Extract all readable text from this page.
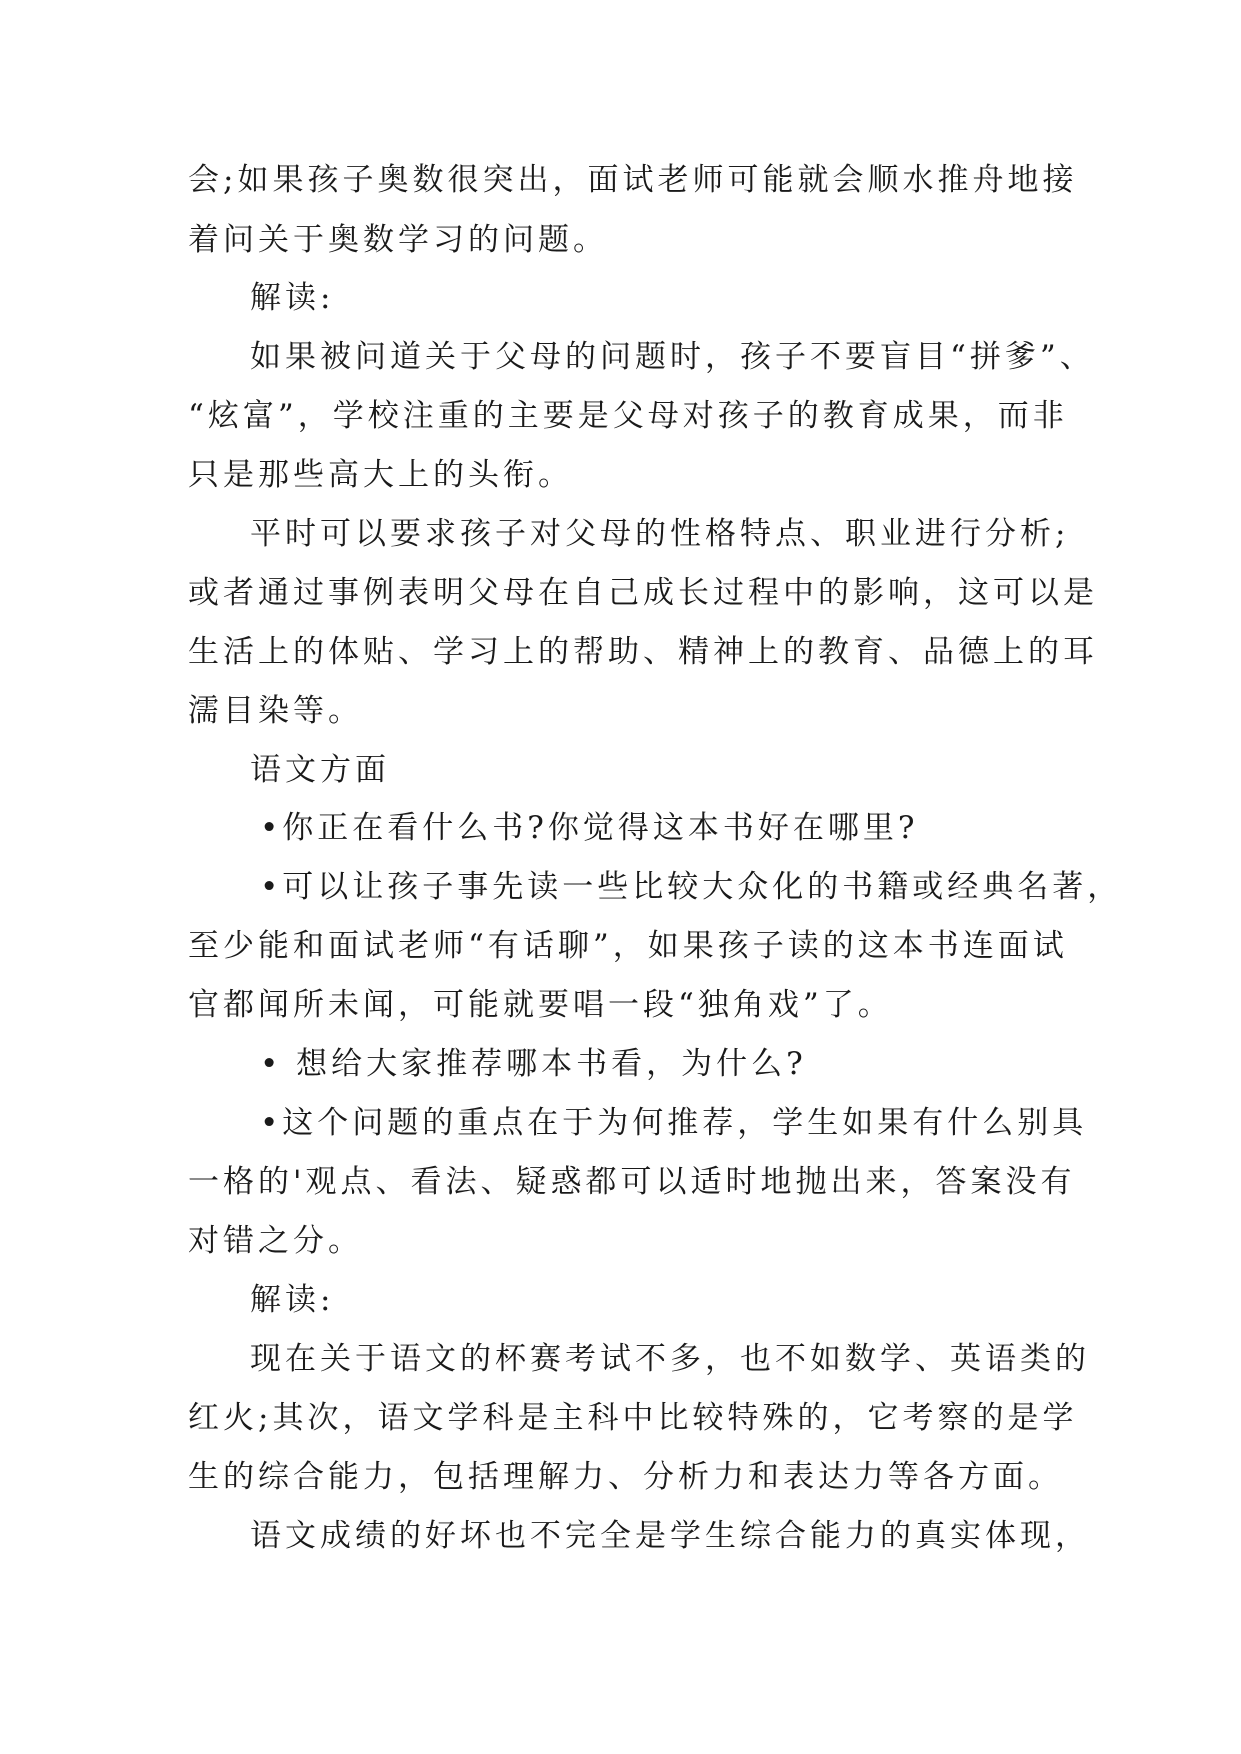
会;如果孩子奥数很突出，面试老师可能就会顺水推舟地接
着问关于奥数学习的问题。
解读:
如果被问道关于父母的问题时，孩子不要盲目“拼爹”、
“炫富”，学校注重的主要是父母对孩子的教育成果，而非
只是那些高大上的头衔。
平时可以要求孩子对父母的性格特点、职业进行分析;
或者通过事例表明父母在自己成长过程中的影响，这可以是
生活上的体贴、学习上的帮助、精神上的教育、品德上的耳
濡目染等。
语文方面
•你正在看什么书?你觉得这本书好在哪里?
•可以让孩子事先读一些比较大众化的书籍或经典名著，
至少能和面试老师“有话聊”，如果孩子读的这本书连面试
官都闻所未闻，可能就要唱一段“独角戏”了。
• 想给大家推荐哪本书看，为什么?
•这个问题的重点在于为何推荐，学生如果有什么别具
一格的'观点、看法、疑惑都可以适时地抛出来，答案没有
对错之分。
解读:
现在关于语文的杯赛考试不多，也不如数学、英语类的
红火;其次，语文学科是主科中比较特殊的，它考察的是学
生的综合能力，包括理解力、分析力和表达力等各方面。
语文成绩的好坏也不完全是学生综合能力的真实体现，
